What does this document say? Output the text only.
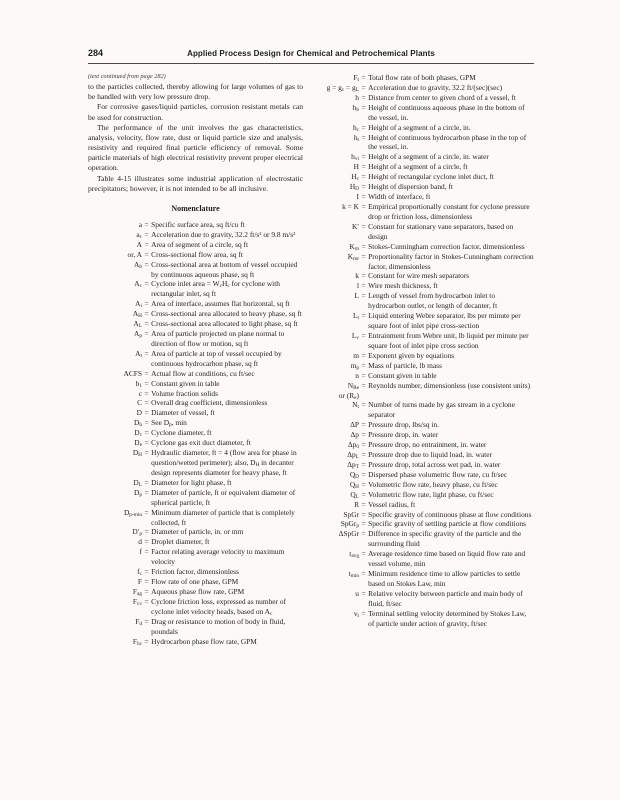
284	Applied Process Design for Chemical and Petrochemical Plants

(text continued from page 282)

to the particles collected, thereby allowing for large volumes of gas to be handled with very low pressure drop.

For corrosive gases/liquid particles, corrosion resistant metals can be used for construction.

The performance of the unit involves the gas characteristics, analysis, velocity, flow rate, dust or liquid particle size and analysis, resistivity and required final particle efficiency of removal. Some particle materials of high electrical resistivity prevent proper electrical operation.

Table 4-15 illustrates some industrial application of electrostatic precipitators; however, it is not intended to be all inclusive.

Nomenclature
a = Specific surface area, sq ft/cu ft
$a_c$ = Acceleration due to gravity, 32.2 ft/s² or 9.8 m/s²
A = Area of segment of a circle, sq ft
or, A = Cross-sectional flow area, sq ft
$A_b$ = Cross-sectional area at bottom of vessel occupied by continuous aqueous phase, sq ft
$A_c$ = Cyclone inlet area = $W_cH_c$ for cyclone with rectangular inlet, sq ft
$A_i$ = Area of interface, assumes flat horizontal, sq ft
$A_H$ = Cross-sectional area allocated to heavy phase, sq ft
$A_L$ = Cross-sectional area allocated to light phase, sq ft
$A_p$ = Area of particle projected on plane normal to direction of flow or motion, sq ft
$A_t$ = Area of particle at top of vessel occupied by continuous hydrocarbon phase, sq ft
ACFS = Actual flow at conditions, cu ft/sec
$b_1$ = Constant given in table
c = Volume fraction solids
C = Overall drag coefficient, dimensionless
D = Diameter of vessel, ft
$D_b$ = See $D_p$, min
$D_c$ = Cyclone diameter, ft
$D_e$ = Cyclone gas exit duct diameter, ft
$D_H$ = Hydraulic diameter, ft = 4 (flow area for phase in question/wetted perimeter); also, $D_H$ in decanter design represents diameter for heavy phase, ft
$D_L$ = Diameter for light phase, ft
$D_p$ = Diameter of particle, ft or equivalent diameter of spherical particle, ft
$D_{p-min}$ = Minimum diameter of particle that is completely collected, ft
$D'_p$ = Diameter of particle, in. or mm
d = Droplet diameter, ft
f = Factor relating average velocity to maximum velocity
$f_c$ = Friction factor, dimensionless
F = Flow rate of one phase, GPM
$F_{ag}$ = Aqueous phase flow rate, GPM
$F_{cv}$ = Cyclone friction loss, expressed as number of cyclone inlet velocity heads, based on $A_c$
$F_d$ = Drag or resistance to motion of body in fluid, poundals
$F_{hc}$ = Hydrocarbon phase flow rate, GPM
$F_t$ = Total flow rate of both phases, GPM
$g = g_c = g_L$ = Acceleration due to gravity, 32.2 ft/(sec)(sec)
h = Distance from center to given chord of a vessel, ft
$h_b$ = Height of continuous aqueous phase in the bottom of the vessel, in.
$h_c$ = Height of a segment of a circle, in.
$h_t$ = Height of continuous hydrocarbon phase in the top of the vessel, in.
$h_{vi}$ = Height of a segment of a circle, in. water
H = Height of a segment of a circle, ft
$H_c$ = Height of rectangular cyclone inlet duct, ft
$H_D$ = Height of dispersion band, ft
I = Width of interface, ft
k = K = Empirical proportionally constant for cyclone pressure drop or friction loss, dimensionless
K′ = Constant for stationary vane separators, based on design
$K_m$ = Stokes-Cunningham correction factor, dimensionless
$K_{mr}$ = Proportionality factor in Stokes-Cunningham correction factor, dimensionless
k = Constant for wire mesh separators
l = Wire mesh thickness, ft
L = Length of vessel from hydrocarbon inlet to hydrocarbon outlet, or length of decanter, ft
$L_t$ = Liquid entering Webre separator, lbs per minute per square foot of inlet pipe cross-section
$L_v$ = Entrainment from Webre unit, lb liquid per minute per square foot of inlet pipe cross section
m = Exponent given by equations
$m_p$ = Mass of particle, lb mass
n = Constant given in table
$N_{Re}$
or $(R_e)$
= Reynolds number, dimensionless (use consistent units)
$N_t$ = Number of turns made by gas stream in a cyclone separator
ΔP = Pressure drop, lbs/sq in.
Δp = Pressure drop, in. water
$\Delta p_0$ = Pressure drop, no entrainment, in. water
$\Delta p_L$ = Pressure drop due to liquid load, in. water
$\Delta p_T$ = Pressure drop, total across wet pad, in. water
$Q_D$ = Dispersed phase volumetric flow rate, cu ft/sec
$Q_H$ = Volumetric flow rate, heavy phase, cu ft/sec
$Q_L$ = Volumetric flow rate, light phase, cu ft/sec
R = Vessel radius, ft
SpGr = Specific gravity of continuous phase at flow conditions
SpGr$_p$ = Specific gravity of settling particle at flow conditions
ΔSpGr = Difference in specific gravity of the particle and the surrounding fluid
$t_{avg}$ = Average residence time based on liquid flow rate and vessel volume, min
$t_{min}$ = Minimum residence time to allow particles to settle based on Stokes Law, min
u = Relative velocity between particle and main body of fluid, ft/sec
$v_t$ = Terminal settling velocity determined by Stokes Law, of particle under action of gravity, ft/sec
